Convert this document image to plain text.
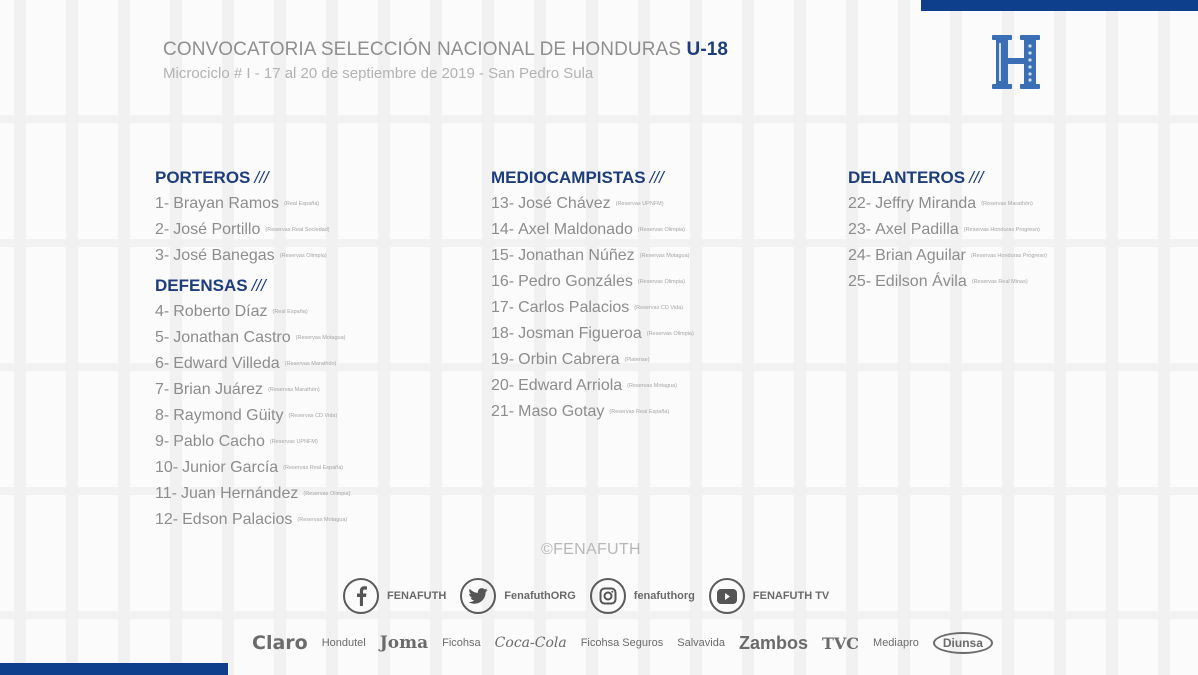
CONVOCATORIA SELECCIÓN NACIONAL DE HONDURAS U-18
Microciclo # I - 17 al 20 de septiembre de 2019 - San Pedro Sula
PORTEROS ///
1- Brayan Ramos (Real España)
2- José Portillo (Reservas Real Sociedad)
3- José Banegas (Reservas Olimpia)
DEFENSAS ///
4- Roberto Díaz (Real España)
5- Jonathan Castro (Reservas Motagua)
6- Edward Villeda (Reservas Marathón)
7- Brian Juárez (Reservas Marathón)
8- Raymond Güity (Reservas CD Vida)
9- Pablo Cacho (Reservas UPNFM)
10- Junior García (Reservas Real España)
11- Juan Hernández (Reservas Olimpia)
12- Edson Palacios (Reservas Motagua)
MEDIOCAMPISTAS ///
13- José Chávez (Reservas UPNFM)
14- Axel Maldonado (Reservas Olimpia)
15- Jonathan Núñez (Reservas Motagua)
16- Pedro Gonzáles (Reservas Olimpia)
17- Carlos Palacios (Reservas CD Vida)
18- Josman Figueroa (Reservas Olimpia)
19- Orbin Cabrera (Platense)
20- Edward Arriola (Reservas Motagua)
21- Maso Gotay (Reservas Real España)
DELANTEROS ///
22- Jeffry Miranda (Reservas Marathón)
23- Axel Padilla (Reservas Honduras Progreso)
24- Brian Aguilar (Reservas Honduras Progreso)
25- Edilson Ávila (Reservas Real Minas)
©FENAFUTH
FENAFUTH	FenafuthORG	fenafuthorg	FENAFUTH TV
Claro Hondutel Joma Ficohsa Coca-Cola Ficohsa Seguros Salvavida Zambos TVC Mediapro	Diunsa
